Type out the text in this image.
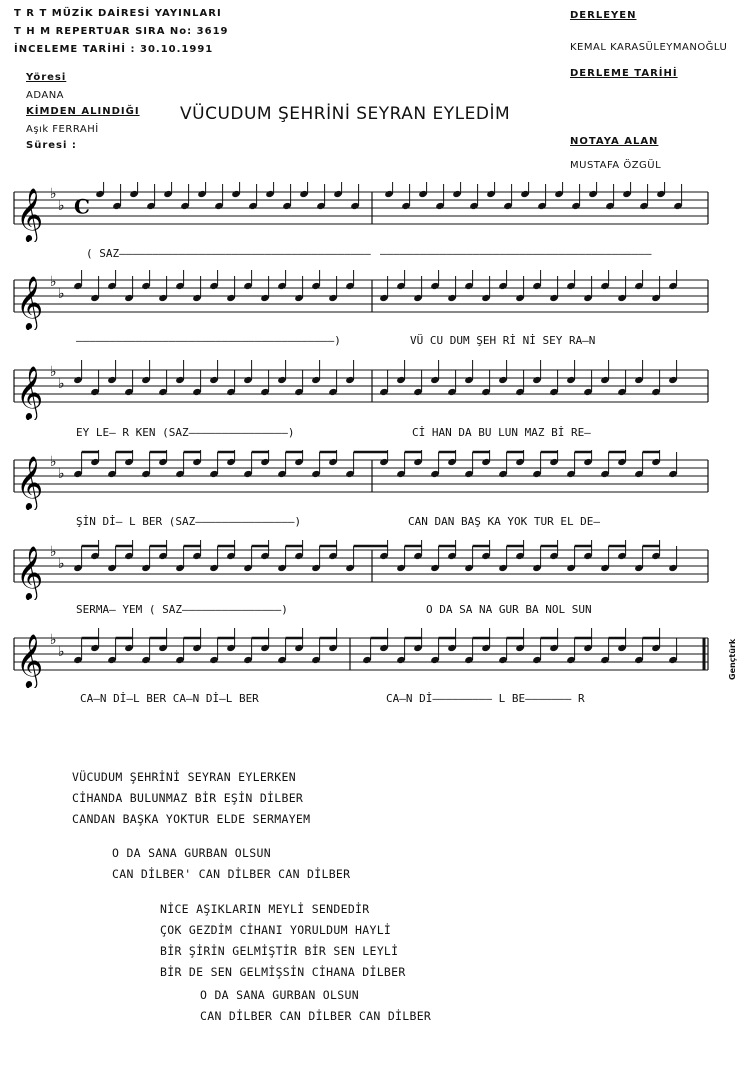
T R T MÜZİK DAİRESİ YAYINLARI
T H M REPERTUAR SIRA No: 3619
İNCELEME TARİHİ : 30.10.1991
Yöresi
ADANA
KİMDEN ALINDIĞI
Aşık FERRAHİ
Süresi :
DERLEYEN
KEMAL KARASÜLEYMANOĞLU
DERLEME TARİHİ
NOTAYA ALAN
MUSTAFA ÖZGÜL
VÜCUDUM ŞEHRİNİ SEYRAN EYLEDİM
𝄞 ♭
♭ C
𝄞 ♭
♭
𝄞 ♭
♭
𝄞 ♭
♭
𝄞 ♭
♭
𝄞 ♭
♭
( SAZ–––––––––––––––––––––––––––––––––––––– –––––––––––––––––––––––––––––––––––––––––
–––––––––––––––––––––––––––––––––––––––)	VÜ CU DUM ŞEH Rİ Nİ SEY RA—N
EY LE— R KEN (SAZ–––––––––––––––)	Cİ HAN DA BU LUN MAZ Bİ RE—
ŞİN Dİ— L BER (SAZ–––––––––––––––)	CAN DAN BAŞ KA YOK TUR EL DE—
SERMA— YEM ( SAZ–––––––––––––––)	O DA SA NA GUR BA NOL SUN
CA—N Dİ—L BER CA—N Dİ—L BER	CA—N Dİ––––––––– L BE––––––– R
Gençtürk
VÜCUDUM ŞEHRİNİ SEYRAN EYLERKEN
CİHANDA BULUNMAZ BİR EŞİN DİLBER
CANDAN BAŞKA YOKTUR ELDE SERMAYEM
O DA SANA GURBAN OLSUN
CAN DİLBER' CAN DİLBER CAN DİLBER
NİCE AŞIKLARIN MEYLİ SENDEDİR
ÇOK GEZDİM CİHANI YORULDUM HAYLİ
BİR ŞİRİN GELMİŞTİR BİR SEN LEYLİ
BİR DE SEN GELMİŞSİN CİHANA DİLBER
O DA SANA GURBAN OLSUN
CAN DİLBER CAN DİLBER CAN DİLBER
